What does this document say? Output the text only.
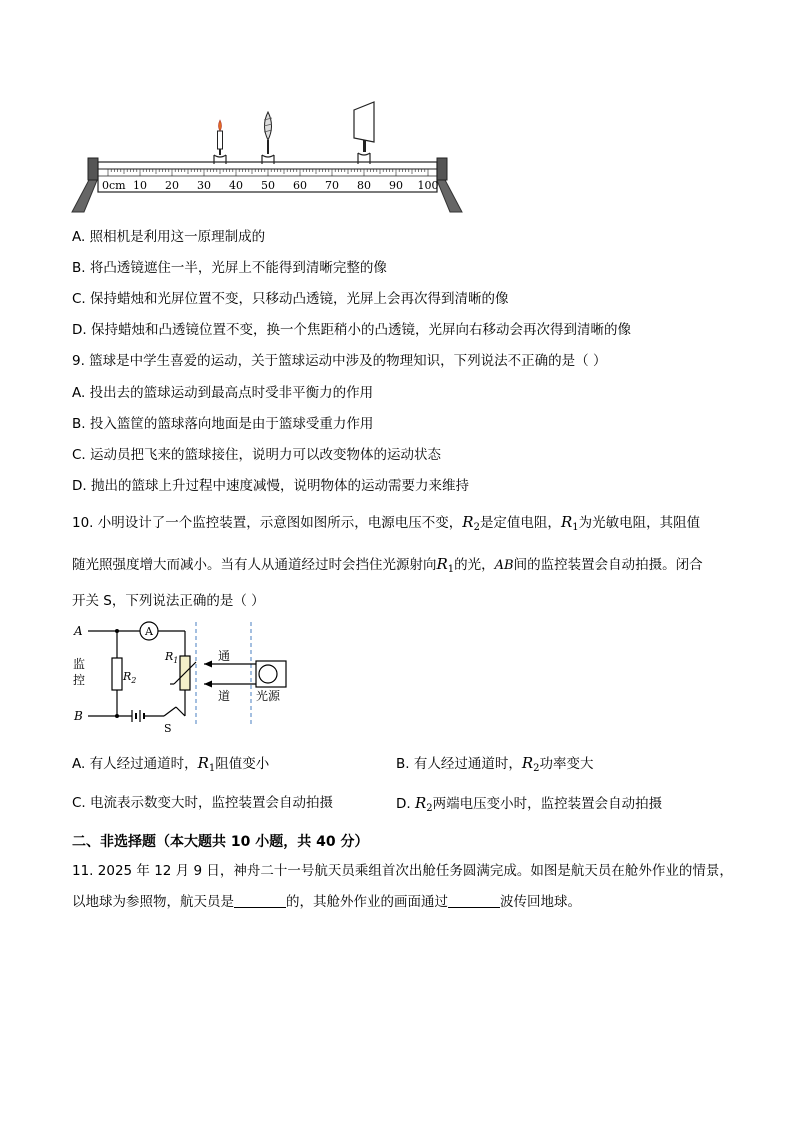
0cm 10 20 30 40 50 60 70 80 90 100
A. 照相机是利用这一原理制成的
B. 将凸透镜遮住一半，光屏上不能得到清晰完整的像
C. 保持蜡烛和光屏位置不变，只移动凸透镜，光屏上会再次得到清晰的像
D. 保持蜡烛和凸透镜位置不变，换一个焦距稍小的凸透镜，光屏向右移动会再次得到清晰的像
9. 篮球是中学生喜爱的运动，关于篮球运动中涉及的物理知识，下列说法不正确的是（ ）
A. 投出去的篮球运动到最高点时受非平衡力的作用
B. 投入篮筐的篮球落向地面是由于篮球受重力作用
C. 运动员把飞来的篮球接住，说明力可以改变物体的运动状态
D. 抛出的篮球上升过程中速度减慢，说明物体的运动需要力来维持
10. 小明设计了一个监控装置，示意图如图所示，电源电压不变，$R_2$是定值电阻，$R_1$为光敏电阻，其阻值
随光照强度增大而减小。当有人从通道经过时会挡住光源射向$R_1$的光，AB间的监控装置会自动拍摄。闭合
开关 S，下列说法正确的是（ ）
A
B
A
监
控	$R_2$
$R_1$
S
通
道 光源
A. 有人经过通道时，$R_1$阻值变小	B. 有人经过通道时，$R_2$功率变大
C. 电流表示数变大时，监控装置会自动拍摄	D. $R_2$两端电压变小时，监控装置会自动拍摄
二、非选择题（本大题共 10 小题，共 40 分）
11. 2025 年 12 月 9 日，神舟二十一号航天员乘组首次出舱任务圆满完成。如图是航天员在舱外作业的情景，
以地球为参照物，航天员是	的，其舱外作业的画面通过	波传回地球。
